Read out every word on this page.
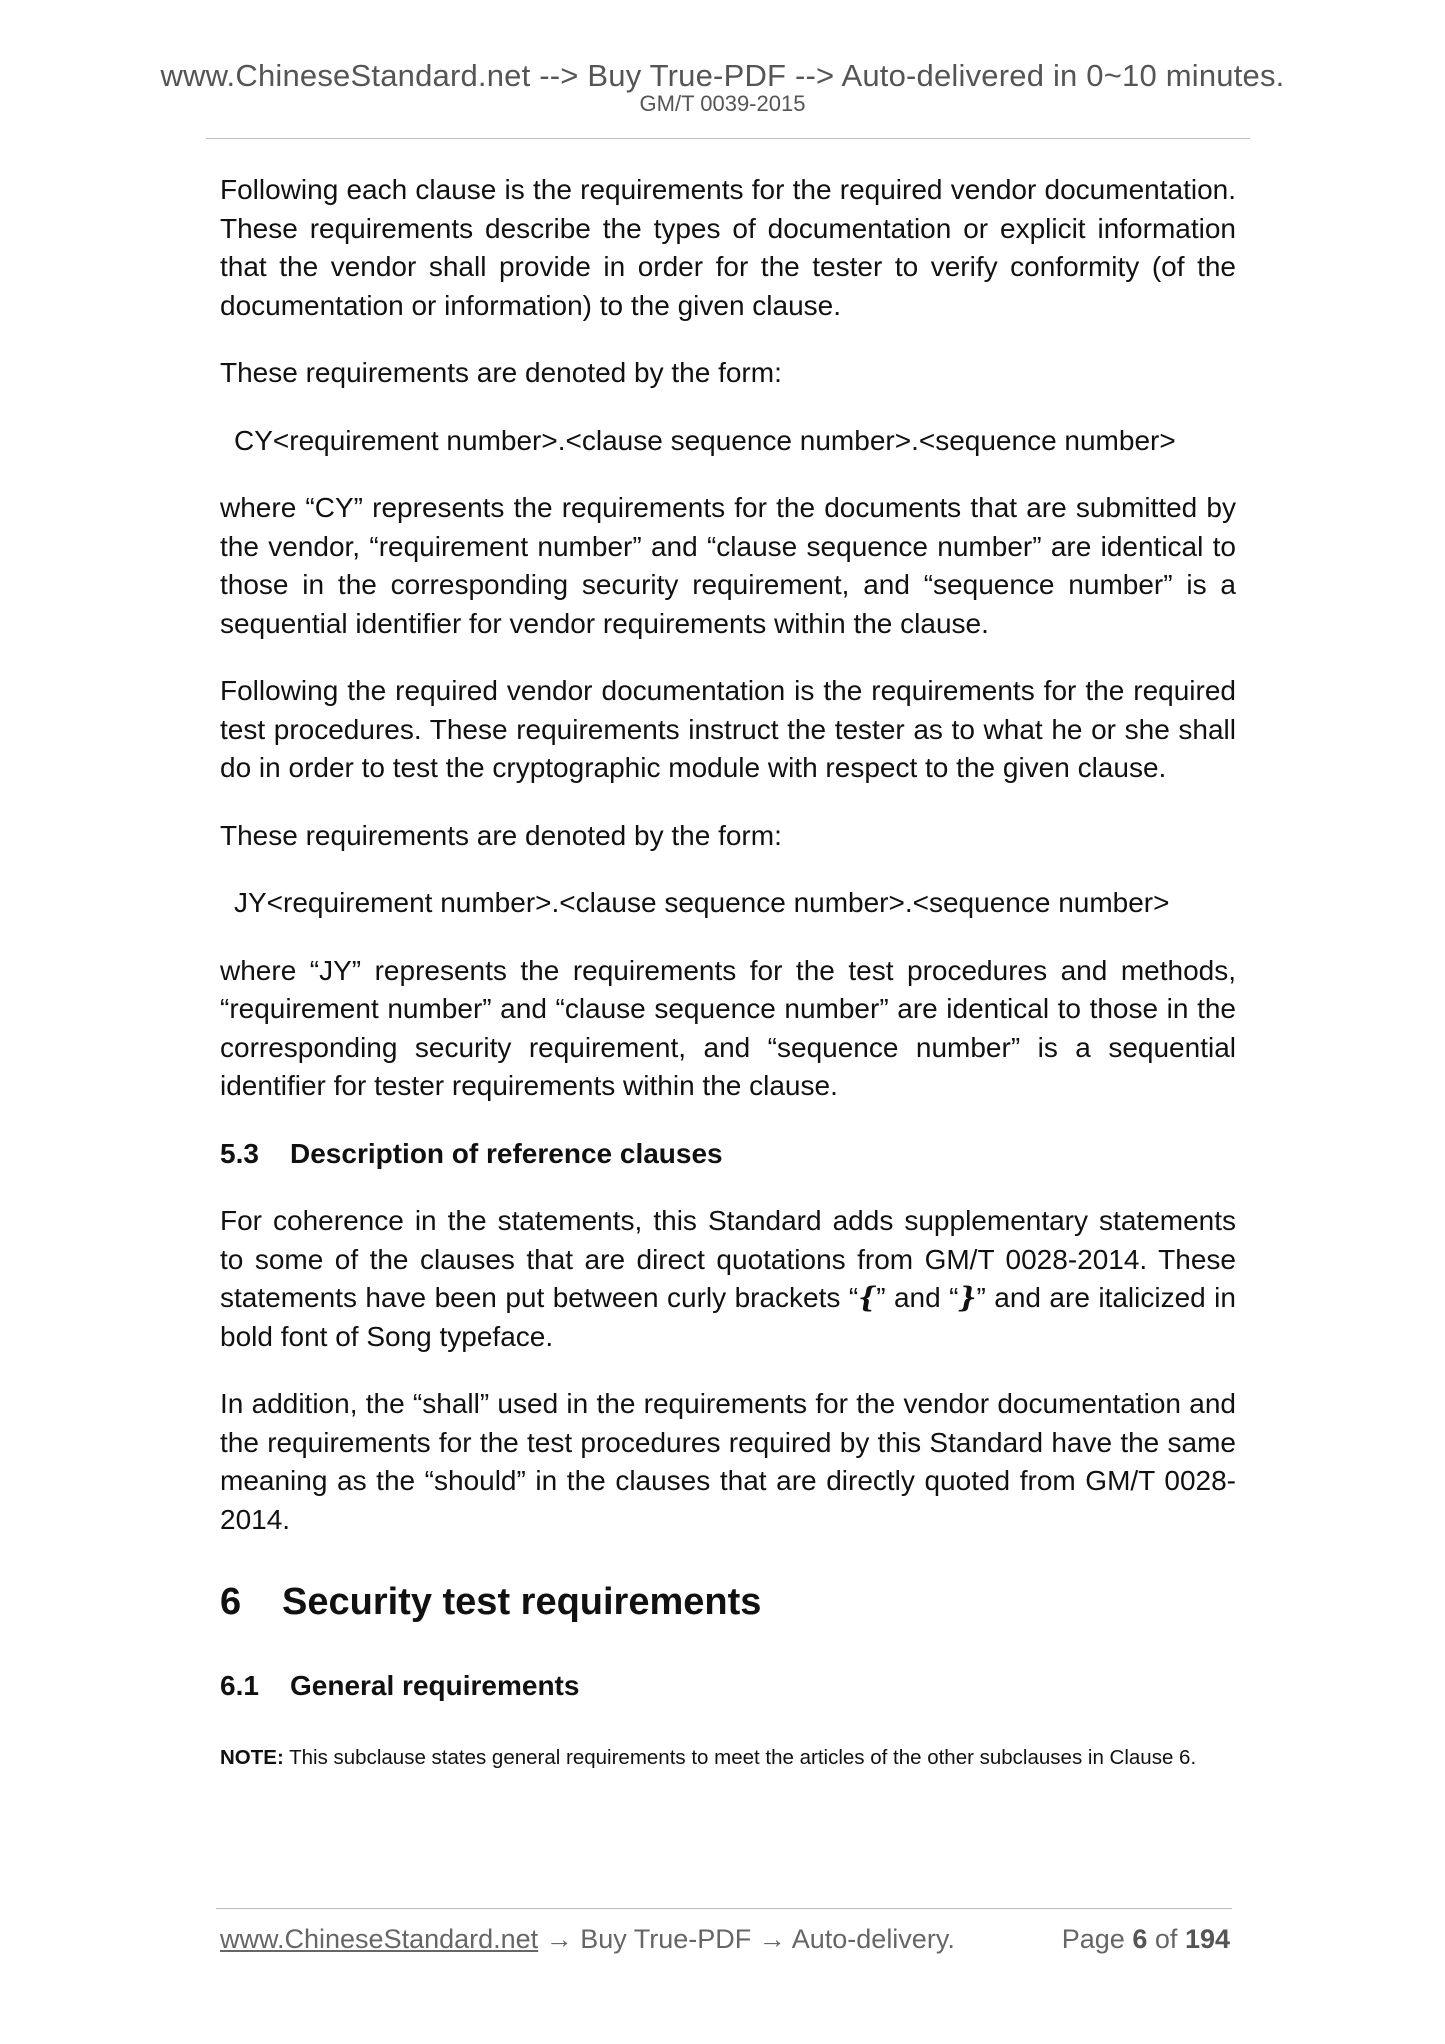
www.ChineseStandard.net --> Buy True-PDF --> Auto-delivered in 0~10 minutes.
GM/T 0039-2015

Following each clause is the requirements for the required vendor documentation. These requirements describe the types of documentation or explicit information that the vendor shall provide in order for the tester to verify conformity (of the documentation or information) to the given clause.

These requirements are denoted by the form:

CY<requirement number>.<clause sequence number>.<sequence number>

where “CY” represents the requirements for the documents that are submitted by the vendor, “requirement number” and “clause sequence number” are identical to those in the corresponding security requirement, and “sequence number” is a sequential identifier for vendor requirements within the clause.

Following the required vendor documentation is the requirements for the required test procedures. These requirements instruct the tester as to what he or she shall do in order to test the cryptographic module with respect to the given clause.

These requirements are denoted by the form:

JY<requirement number>.<clause sequence number>.<sequence number>

where “JY” represents the requirements for the test procedures and methods, “requirement number” and “clause sequence number” are identical to those in the corresponding security requirement, and “sequence number” is a sequential identifier for tester requirements within the clause.

5.3 Description of reference clauses

For coherence in the statements, this Standard adds supplementary statements to some of the clauses that are direct quotations from GM/T 0028-2014. These statements have been put between curly brackets “{” and “}” and are italicized in bold font of Song typeface.

In addition, the “shall” used in the requirements for the vendor documentation and the requirements for the test procedures required by this Standard have the same meaning as the “should” in the clauses that are directly quoted from GM/T 0028-2014.

6 Security test requirements
6.1 General requirements

NOTE: This subclause states general requirements to meet the articles of the other subclauses in Clause 6.

www.ChineseStandard.net → Buy True-PDF → Auto-delivery.	Page 6 of 194
